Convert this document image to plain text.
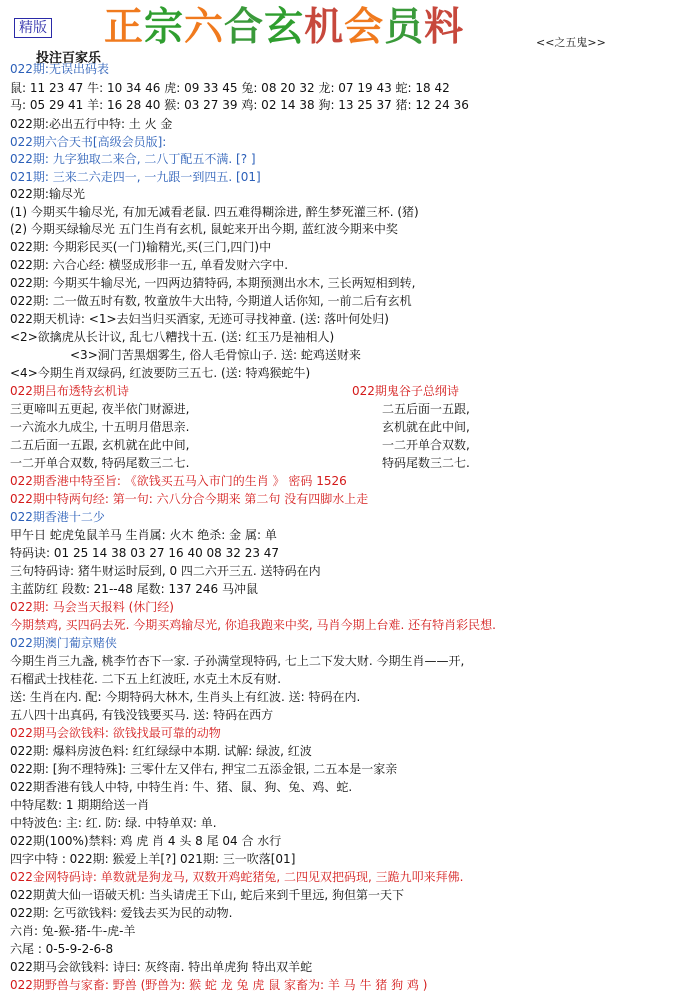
精版 正宗六合玄机会员料	<<之五鬼>>
投注百家乐
022期:无误出码表
鼠: 11 23 47 牛: 10 34 46 虎: 09 33 45 兔: 08 20 32 龙: 07 19 43 蛇: 18 42
马: 05 29 41 羊: 16 28 40 猴: 03 27 39 鸡: 02 14 38 狗: 13 25 37 猪: 12 24 36
022期:必出五行中特: 土 火 金
022期六合天书[高级会员版]:
022期: 九字独取二来合, 二八丁配五不满. [? ]
021期: 三来二六走四一, 一九跟一到四五. [01]
022期:输尽光
(1) 今期买牛输尽光, 有加无减看老鼠. 四五难得糊涂进, 醉生梦死灌三杯. (猪)
(2) 今期买绿输尽光 五门生肖有玄机, 鼠蛇来开出今期, 蓝红波今期来中奖
022期: 今期彩民买(一门)输精光,买(三门,四门)中
022期: 六合心经: 横竖成形非一五, 单看发财六字中.
022期: 今期买牛输尽光, 一四两边猜特码, 本期预测出水木, 三长两短相到转,
022期: 二一做五时有数, 牧童放牛大出特, 今期道人话你知, 一前二后有玄机
022期天机诗: <1>去妇当归买酒家, 无迹可寻找神童. (送: 落叶何处归)
<2>欲擒虎从长计议, 乱七八糟找十五. (送: 红玉乃是袖相人)
<3>洞门苦黑烟雾生, 俗人毛骨惊山子. 送: 蛇鸡送财来
<4>今期生肖双绿码, 红波要防三五七. (送: 特鸡猴蛇牛)
022期吕布透特玄机诗	022期鬼谷子总纲诗
三更啼叫五更起, 夜半依门财源进,
一六流水九成尘, 十五明月借思亲.
二五后面一五跟, 玄机就在此中间,
一二开单合双数, 特码尾数三二七.
二五后面一五跟,
玄机就在此中间,
一二开单合双数,
特码尾数三二七.
022期香港中特至旨: 《欲钱买五马入市门的生肖 》 密码 1526
022期中特两句经: 第一句: 六八分合今期来 第二句 没有四脚水上走
022期香港十二少
甲午日 蛇虎兔鼠羊马 生肖属: 火木 绝杀: 金 属: 单
特码诀: 01 25 14 38 03 27 16 40 08 32 23 47
三句特码诗: 猪牛财运时辰到, 0 四二六开三五. 送特码在内
主蓝防红 段数: 21--48 尾数: 137 246 马冲鼠
022期: 马会当天报料 (休门经)
今期禁鸡, 买四码去死. 今期买鸡输尽光, 你追我跑来中奖, 马肖今期上台难. 还有特肖彩民想.
022期澳门葡京赌侠
今期生肖三九盏, 桃李竹杏下一家. 子孙满堂现特码, 七上二下发大财. 今期生肖——开,
石榴武士找桂花. 二下五上红波旺, 水克土木反有财.
送: 生肖在内. 配: 今期特码大林木, 生肖头上有红波. 送: 特码在内.
五八四十出真码, 有钱没钱要买马. 送: 特码在西方
022期马会欲钱料: 欲钱找最可靠的动物
022期: 爆料房波色料: 红红绿绿中本期. 试解: 绿波, 红波
022期: [狗不理特殊]: 三零什左又伴右, 押宝二五添金银, 二五本是一家亲
022期香港有钱人中特, 中特生肖: 牛、猪、鼠、狗、兔、鸡、蛇.
中特尾数: 1 期期给送一肖
中特波色: 主: 红. 防: 绿. 中特单双: 单.
022期(100%)禁料: 鸡 虎 肖 4 头 8 尾 04 合 水行
四字中特 : 022期: 猴爱上羊[?] 021期: 三一吹落[01]
022金网特码诗: 单数就是狗龙马, 双数开鸡蛇猪兔, 二四见双把码现, 三跪九叩来拜佛.
022期黄大仙一语破天机: 当头请虎王下山, 蛇后来到千里远, 狗但第一天下
022期: 乞丐欲钱料: 爱钱去买为民的动物.
六肖: 兔-猴-猪-牛-虎-羊
六尾 : 0-5-9-2-6-8
022期马会欲钱料: 诗曰: 灰终南. 特出单虎狗 特出双羊蛇
022期野兽与家畜: 野兽 (野兽为: 猴 蛇 龙 兔 虎 鼠 家畜为: 羊 马 牛 猪 狗 鸡 )
